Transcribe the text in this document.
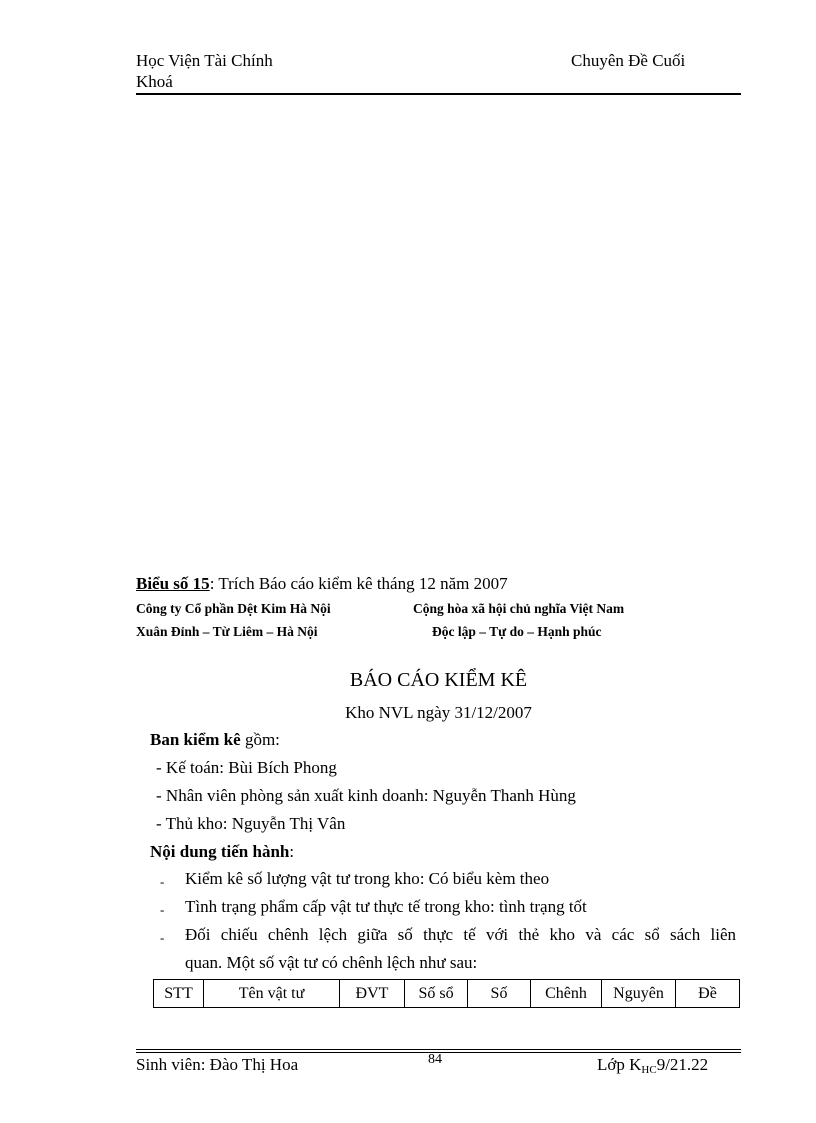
Học Viện Tài Chính
Khoá
Chuyên Đề Cuối
Biểu số 15: Trích Báo cáo kiểm kê tháng 12 năm 2007
Công ty Cổ phần Dệt Kim Hà Nội	Cộng hòa xã hội chủ nghĩa Việt Nam
Xuân Đỉnh – Từ Liêm – Hà Nội	Độc lập – Tự do – Hạnh phúc
BÁO CÁO KIỂM KÊ
Kho NVL ngày 31/12/2007
Ban kiểm kê gồm:
- Kế toán: Bùi Bích Phong
- Nhân viên phòng sản xuất kinh doanh: Nguyễn Thanh Hùng
- Thủ kho: Nguyễn Thị Vân
Nội dung tiến hành:
-
-
-
Kiểm kê số lượng vật tư trong kho: Có biểu kèm theo
Tình trạng phẩm cấp vật tư thực tế trong kho: tình trạng tốt
Đối chiếu chênh lệch giữa số thực tế với thẻ kho và các sổ sách liên
quan. Một số vật tư có chênh lệch như sau:
STT	Tên vật tư	ĐVT	Số sổ	Số	Chênh	Nguyên	Đề
Sinh viên: Đào Thị Hoa	84	Lớp $K_{HC}9/21.22$
